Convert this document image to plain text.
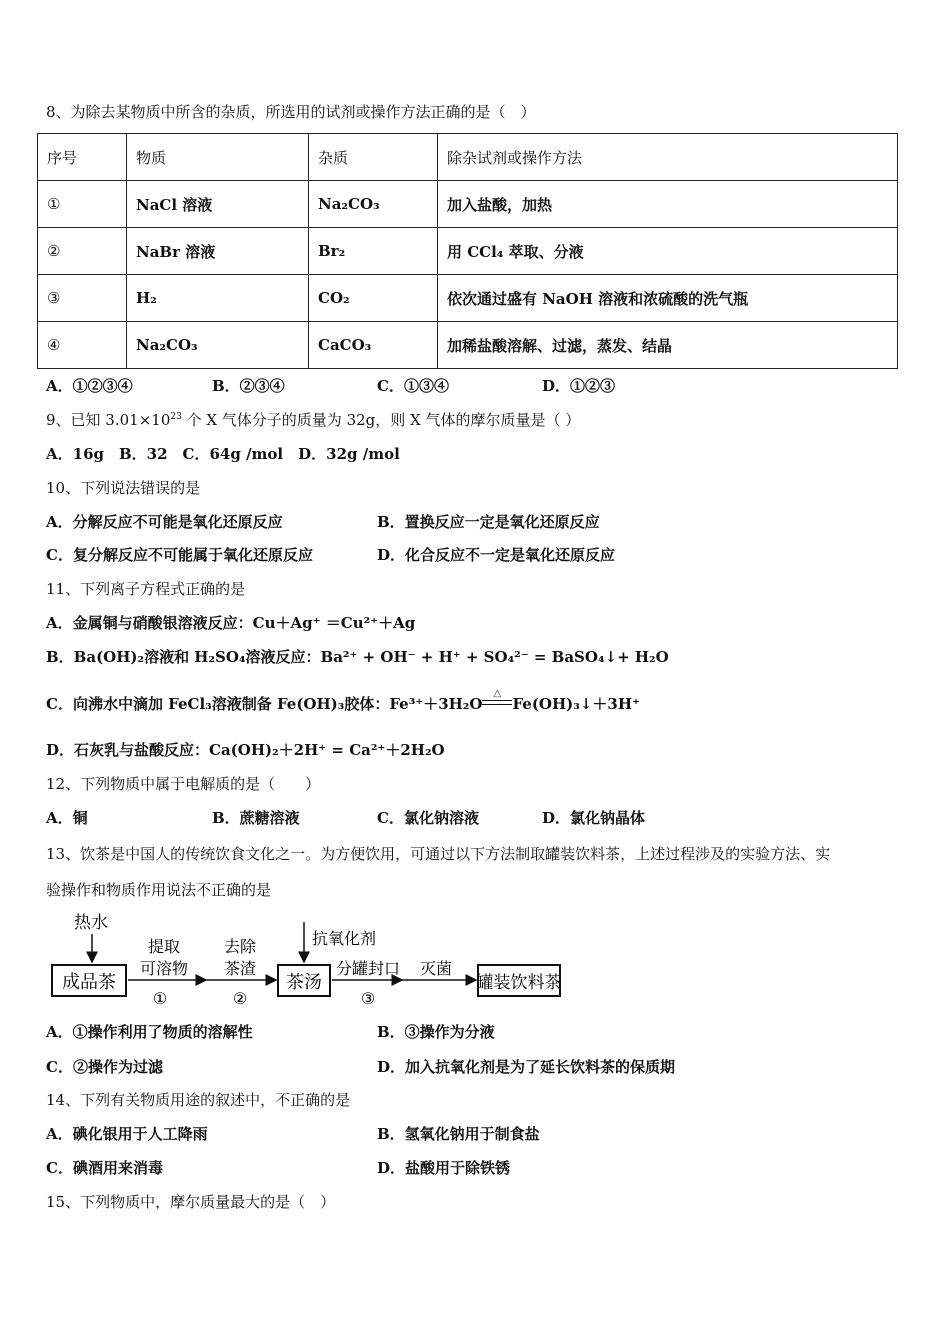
8、为除去某物质中所含的杂质，所选用的试剂或操作方法正确的是（　）
序号	物质	杂质	除杂试剂或操作方法
①	NaCl 溶液	Na₂CO₃	加入盐酸，加热
②	NaBr 溶液	Br₂	用 CCl₄ 萃取、分液
③	H₂	CO₂	依次通过盛有 NaOH 溶液和浓硫酸的洗气瓶
④	Na₂CO₃	CaCO₃	加稀盐酸溶解、过滤，蒸发、结晶
A．①②③④	B．②③④	C．①③④	D．①②③
9、已知 $3.01\times 10^{23}$ 个 X 气体分子的质量为 32g，则 X 气体的摩尔质量是（ ）
A．16g　B．32　C．64g /mol　D．32g /mol
10、下列说法错误的是
A．分解反应不可能是氧化还原反应	B．置换反应一定是氧化还原反应
C．复分解反应不可能属于氧化还原反应	D．化合反应不一定是氧化还原反应
11、下列离子方程式正确的是
A．金属铜与硝酸银溶液反应：Cu＋Ag⁺ ＝Cu²⁺＋Ag
B．Ba(OH)₂溶液和 H₂SO₄溶液反应：Ba²⁺ + OH⁻ + H⁺ + SO₄²⁻ = BaSO₄↓+ H₂O
C．向沸水中滴加 FeCl₃溶液制备 Fe(OH)₃胶体：Fe³⁺＋3H₂O
△
Fe(OH)₃↓＋3H⁺
D．石灰乳与盐酸反应：Ca(OH)₂＋2H⁺ = Ca²⁺＋2H₂O
12、下列物质中属于电解质的是（　　）
A．铜	B．蔗糖溶液	C．氯化钠溶液	D．氯化钠晶体
13、饮茶是中国人的传统饮食文化之一。为方便饮用，可通过以下方法制取罐装饮料茶，上述过程涉及的实验方法、实
验操作和物质作用说法不正确的是
热水
成品茶
提取
可溶物
①
去除
茶渣
②
抗氧化剂
茶汤
分罐封口
③
灭菌
罐装饮料茶
A．①操作利用了物质的溶解性	B．③操作为分液
C．②操作为过滤	D．加入抗氧化剂是为了延长饮料茶的保质期
14、下列有关物质用途的叙述中，不正确的是
A．碘化银用于人工降雨	B．氢氧化钠用于制食盐
C．碘酒用来消毒	D．盐酸用于除铁锈
15、下列物质中，摩尔质量最大的是（　）
